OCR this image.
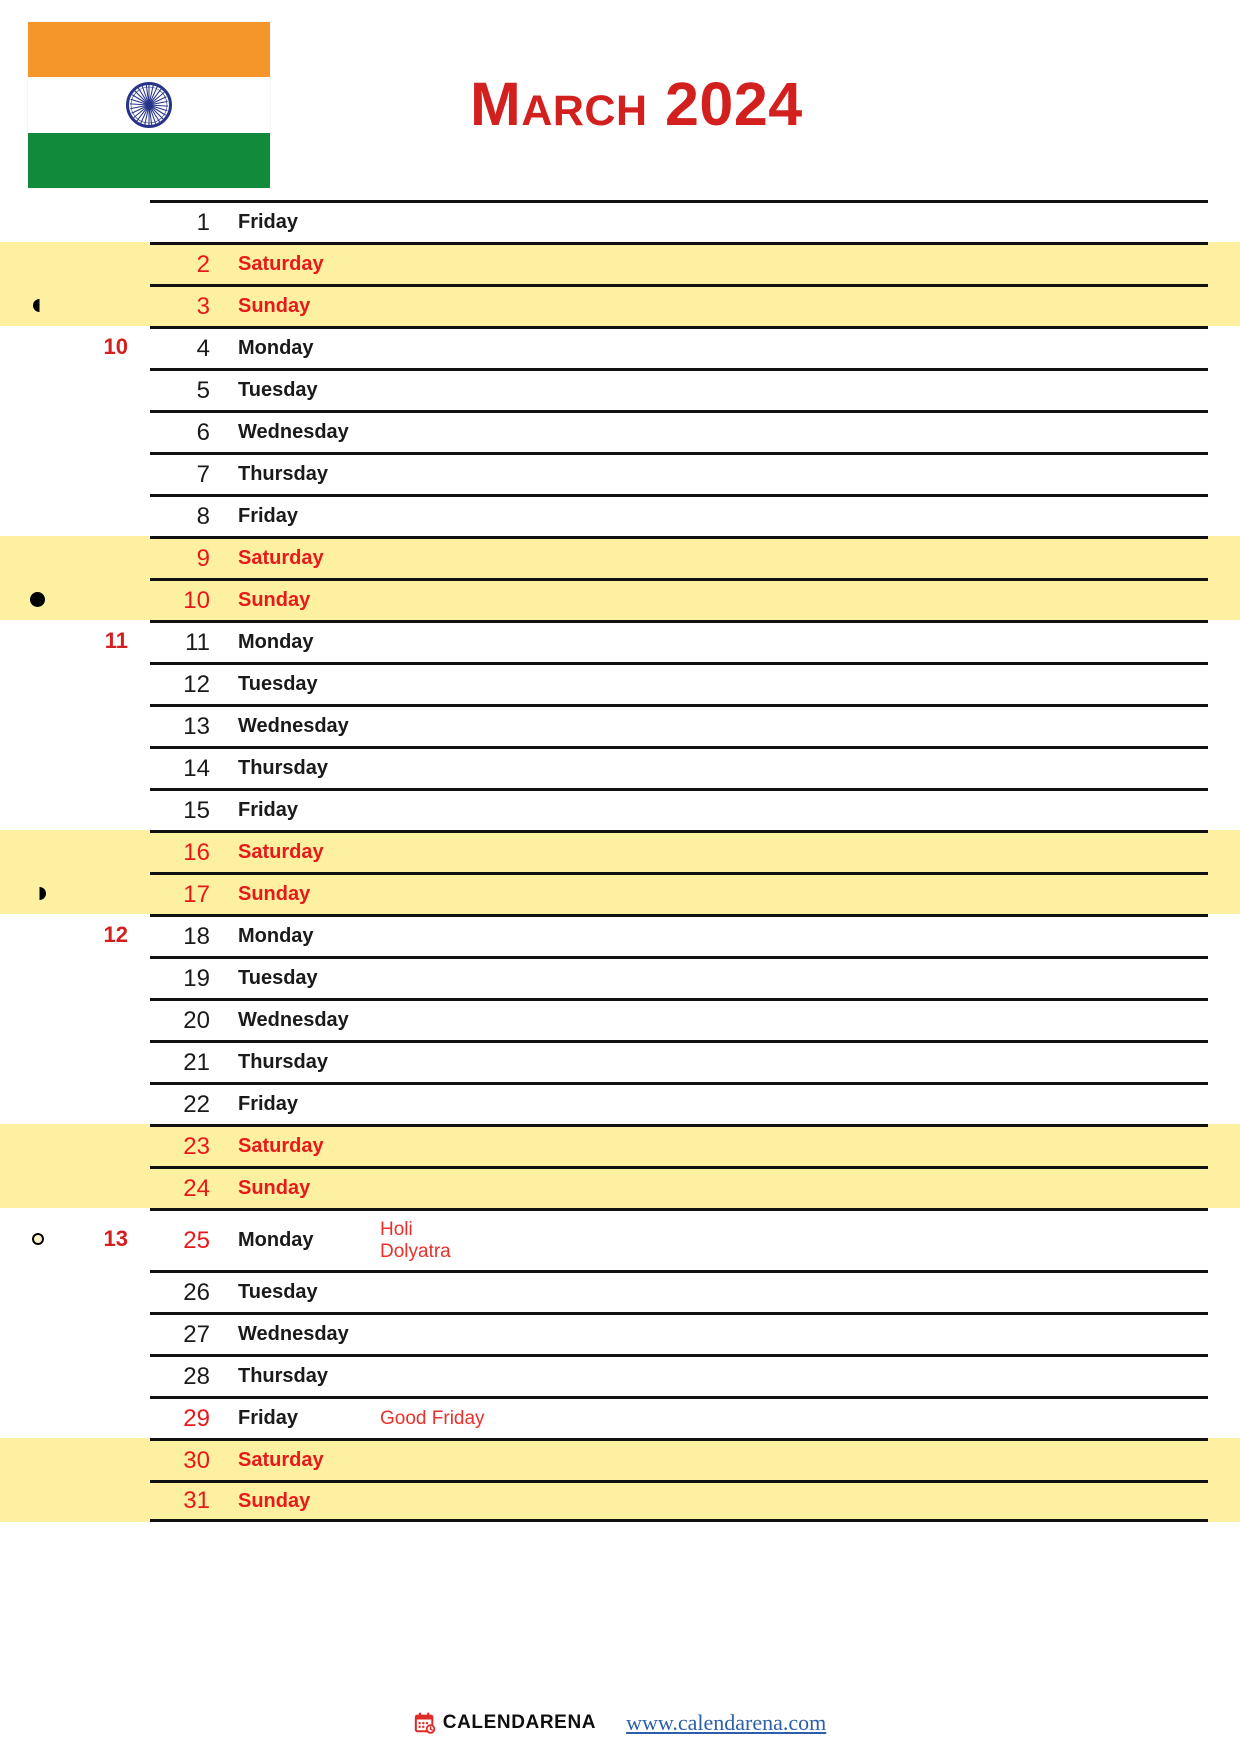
March 2024
1	Friday
2	Saturday
3	Sunday
10	4	Monday
5	Tuesday
6	Wednesday
7	Thursday
8	Friday
9	Saturday
10	Sunday
11	11	Monday
12	Tuesday
13	Wednesday
14	Thursday
15	Friday
16	Saturday
17	Sunday
12	18	Monday
19	Tuesday
20	Wednesday
21	Thursday
22	Friday
23	Saturday
24	Sunday
13	25	Monday	Holi
Dolyatra
26	Tuesday
27	Wednesday
28	Thursday
29	Friday	Good Friday
30	Saturday
31	Sunday
CALENDARENA www.calendarena.com
